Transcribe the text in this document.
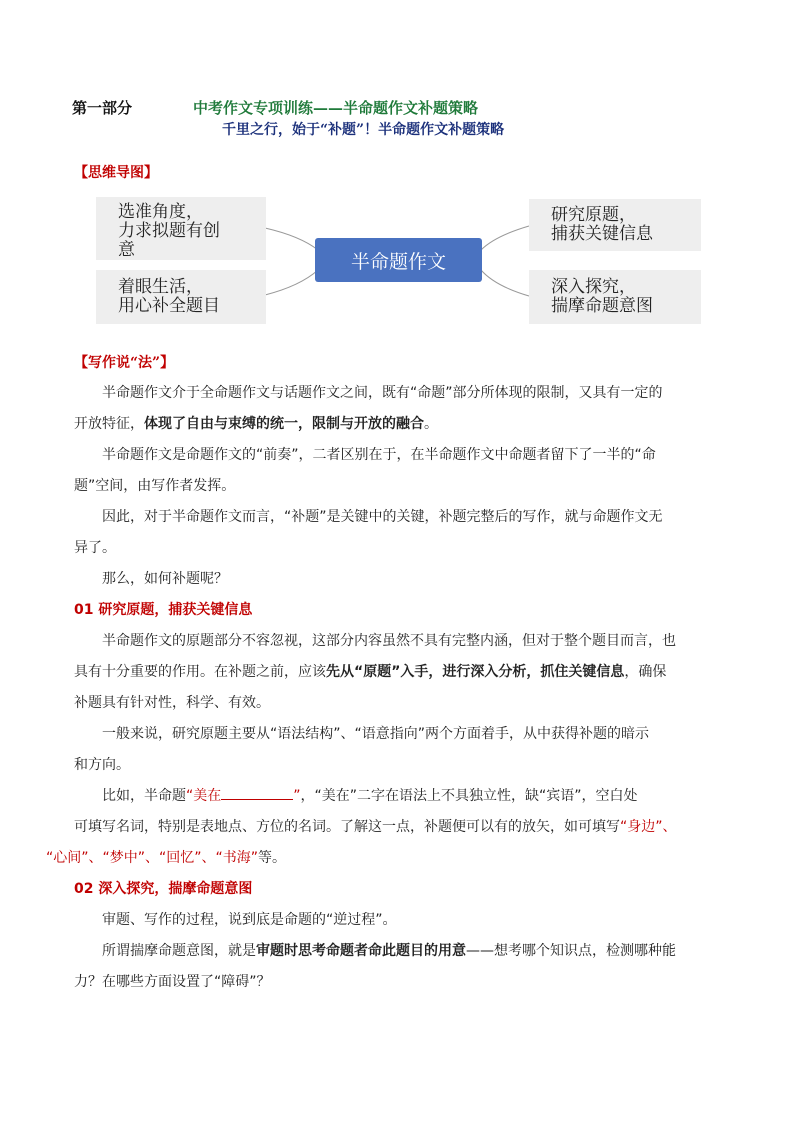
第一部分	中考作文专项训练——半命题作文补题策略
千里之行，始于“补题”！半命题作文补题策略
【思维导图】
选准角度，
力求拟题有创
意
着眼生活，
用心补全题目
研究原题，
捕获关键信息
深入探究，
揣摩命题意图
半命题作文
【写作说“法”】

半命题作文介于全命题作文与话题作文之间，既有“命题”部分所体现的限制，又具有一定的
开放特征，体现了自由与束缚的统一，限制与开放的融合。

半命题作文是命题作文的“前奏”，二者区别在于，在半命题作文中命题者留下了一半的“命
题”空间，由写作者发挥。

因此，对于半命题作文而言，“补题”是关键中的关键，补题完整后的写作，就与命题作文无
异了。

那么，如何补题呢？

01 研究原题，捕获关键信息

半命题作文的原题部分不容忽视，这部分内容虽然不具有完整内涵，但对于整个题目而言，也
具有十分重要的作用。在补题之前，应该先从“原题”入手，进行深入分析，抓住关键信息，确保
补题具有针对性，科学、有效。

一般来说，研究原题主要从“语法结构”、“语意指向”两个方面着手，从中获得补题的暗示
和方向。

比如，半命题“美在	”，“美在”二字在语法上不具独立性，缺“宾语”，空白处
可填写名词，特别是表地点、方位的名词。了解这一点，补题便可以有的放矢，如可填写“身边”、
“心间”、“梦中”、“回忆”、“书海”等。

02 深入探究，揣摩命题意图

审题、写作的过程，说到底是命题的“逆过程”。

所谓揣摩命题意图，就是审题时思考命题者命此题目的用意——想考哪个知识点，检测哪种能
力？在哪些方面设置了“障碍”？
